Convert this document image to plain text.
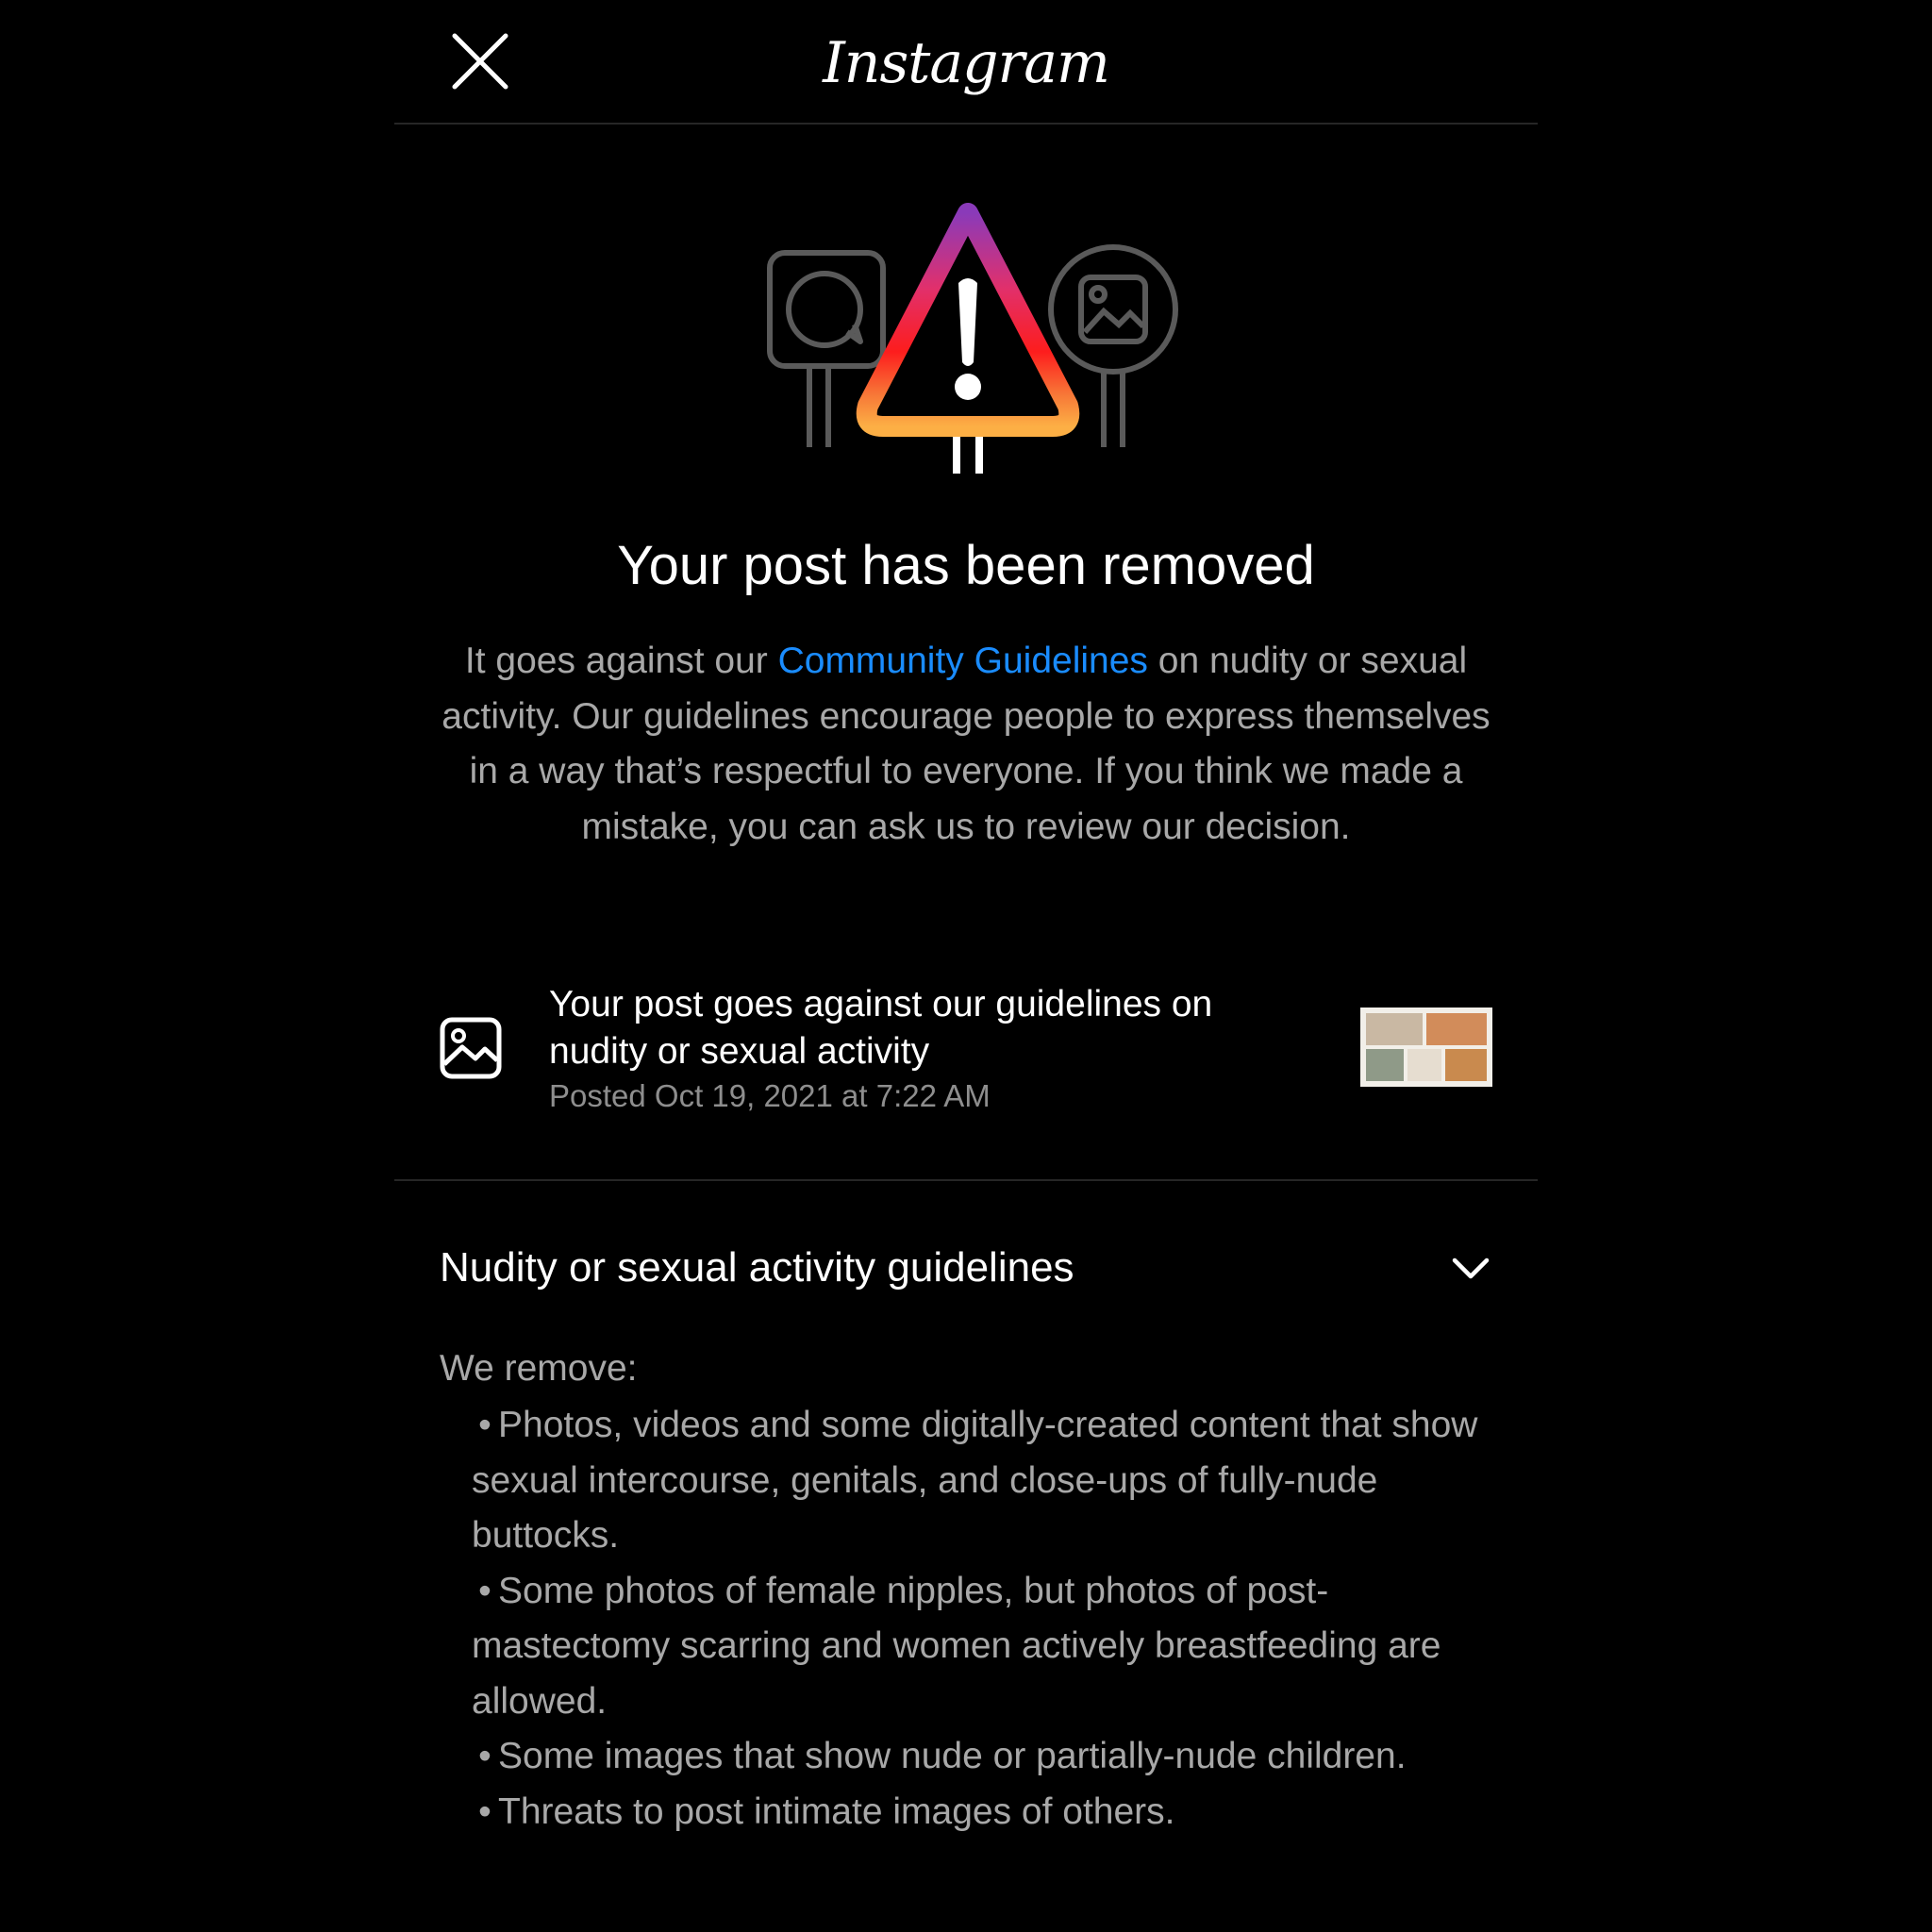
Instagram
Your post has been removed

It goes against our Community Guidelines on nudity or sexual activity. Our guidelines encourage people to express themselves in a way that’s respectful to everyone. If you think we made a mistake, you can ask us to review our decision.

Your post goes against our guidelines on nudity or sexual activity
Posted Oct 19, 2021 at 7:22 AM
Nudity or sexual activity guidelines
We remove:
• Photos, videos and some digitally-created content that show sexual intercourse, genitals, and close-ups of fully-nude buttocks.
• Some photos of female nipples, but photos of post-mastectomy scarring and women actively breastfeeding are allowed.
• Some images that show nude or partially-nude children.
• Threats to post intimate images of others.
